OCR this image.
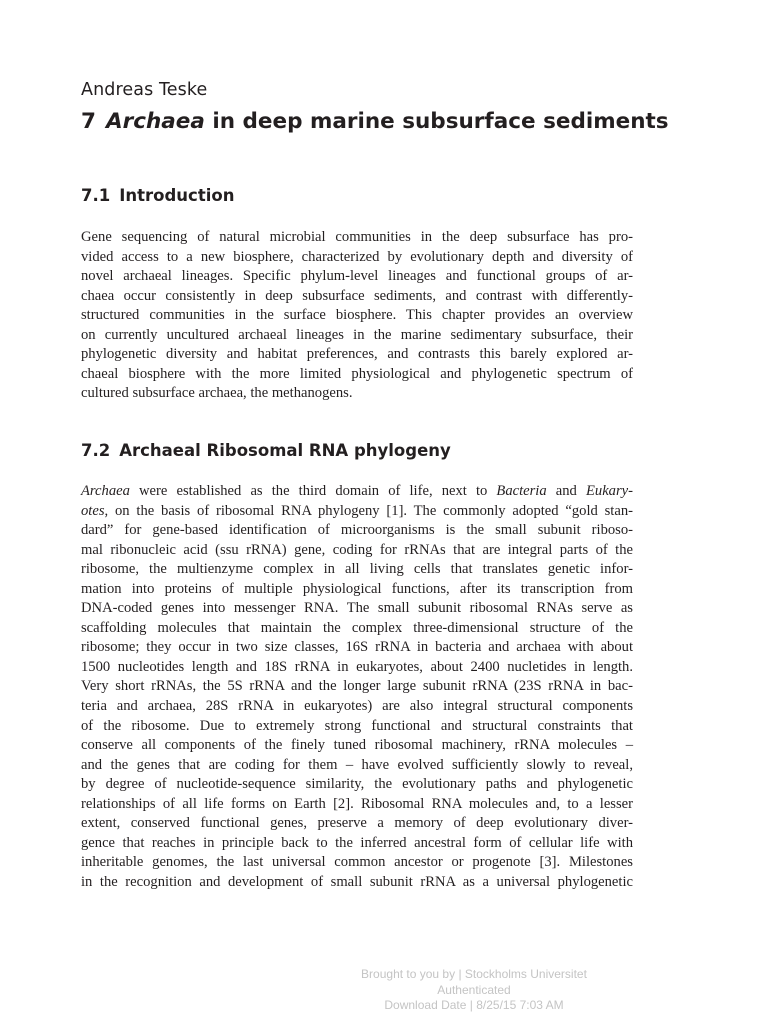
Andreas Teske
7 Archaea in deep marine subsurface sediments
7.1 Introduction

Gene sequencing of natural microbial communities in the deep subsurface has pro-
vided access to a new biosphere, characterized by evolutionary depth and diversity of
novel archaeal lineages. Specific phylum-level lineages and functional groups of ar-
chaea occur consistently in deep subsurface sediments, and contrast with differently-
structured communities in the surface biosphere. This chapter provides an overview
on currently uncultured archaeal lineages in the marine sedimentary subsurface, their
phylogenetic diversity and habitat preferences, and contrasts this barely explored ar-
chaeal biosphere with the more limited physiological and phylogenetic spectrum of
cultured subsurface archaea, the methanogens.

7.2 Archaeal Ribosomal RNA phylogeny

Archaea were established as the third domain of life, next to Bacteria and Eukary-
otes, on the basis of ribosomal RNA phylogeny [1]. The commonly adopted “gold stan-
dard” for gene-based identification of microorganisms is the small subunit riboso-
mal ribonucleic acid (ssu rRNA) gene, coding for rRNAs that are integral parts of the
ribosome, the multienzyme complex in all living cells that translates genetic infor-
mation into proteins of multiple physiological functions, after its transcription from
DNA-coded genes into messenger RNA. The small subunit ribosomal RNAs serve as
scaffolding molecules that maintain the complex three-dimensional structure of the
ribosome; they occur in two size classes, 16S rRNA in bacteria and archaea with about
1500 nucleotides length and 18S rRNA in eukaryotes, about 2400 nucletides in length.
Very short rRNAs, the 5S rRNA and the longer large subunit rRNA (23S rRNA in bac-
teria and archaea, 28S rRNA in eukaryotes) are also integral structural components
of the ribosome. Due to extremely strong functional and structural constraints that
conserve all components of the finely tuned ribosomal machinery, rRNA molecules –
and the genes that are coding for them – have evolved sufficiently slowly to reveal,
by degree of nucleotide-sequence similarity, the evolutionary paths and phylogenetic
relationships of all life forms on Earth [2]. Ribosomal RNA molecules and, to a lesser
extent, conserved functional genes, preserve a memory of deep evolutionary diver-
gence that reaches in principle back to the inferred ancestral form of cellular life with
inheritable genomes, the last universal common ancestor or progenote [3]. Milestones
in the recognition and development of small subunit rRNA as a universal phylogenetic

Brought to you by | Stockholms Universitet
Authenticated
Download Date | 8/25/15 7:03 AM
